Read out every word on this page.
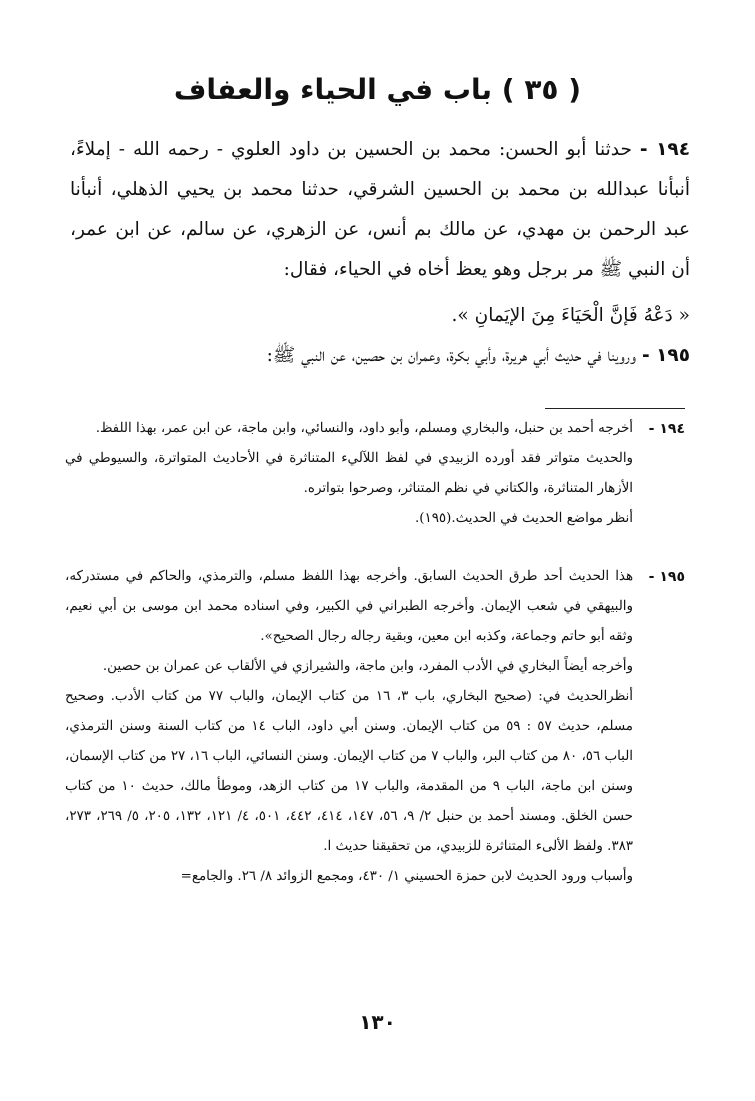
( ٣٥ ) باب في الحياء والعفاف

١٩٤ - حدثنا أبو الحسن: محمد بن الحسين بن داود العلوي - رحمه الله - إملاءً، أنبأنا عبدالله بن محمد بن الحسين الشرقي، حدثنا محمد بن يحيي الذهلي، أنبأنا عبد الرحمن بن مهدي، عن مالك بم أنس، عن الزهري، عن سالم، عن ابن عمر، أن النبي ﷺ مر برجل وهو يعظ أخاه في الحياء، فقال:

« دَعْهُ فَإنَّ الْحَيَاءَ مِنَ الإيَمانِ ».

١٩٥ - وروينا في حديث أبي هريرة، وأبي بكرة، وعمران بن حصين، عن النبي ﷺ:

١٩٤ -

أخرجه أحمد بن حنبل، والبخاري ومسلم، وأبو داود، والنسائي، وابن ماجة، عن ابن عمر، بهذا اللفظ.

والحديث متواتر فقد أورده الزبيدي في لفظ اللآليء المتناثرة في الأحاديث المتواترة، والسيوطي في الأزهار المتناثرة، والكتاني في نظم المتناثر، وصرحوا بتواتره.

أنظر مواضع الحديث في الحديث.(١٩٥).

١٩٥ -

هذا الحديث أحد طرق الحديث السابق. وأخرجه بهذا اللفظ مسلم، والترمذي، والحاكم في مستدركه، والبيهقي في شعب الإيمان. وأخرجه الطبراني في الكبير، وفي اسناده محمد ابن موسى بن أبي نعيم، وثقه أبو حاتم وجماعة، وكذبه ابن معين، وبقية رجاله رجال الصحيح».

وأخرجه أيضاً البخاري في الأدب المفرد، وابن ماجة، والشيرازي في الألقاب عن عمران بن حصين.

أنظرالحديث في: (صحيح البخاري، باب ٣، ١٦ من كتاب الإيمان، والباب ٧٧ من كتاب الأدب. وصحيح مسلم، حديث ٥٧ : ٥٩ من كتاب الإيمان. وسنن أبي داود، الباب ١٤ من كتاب السنة وسنن الترمذي، الباب ٥٦، ٨٠ من كتاب البر، والباب ٧ من كتاب الإيمان. وسنن النسائي، الباب ١٦، ٢٧ من كتاب الإسمان، وسنن ابن ماجة، الباب ٩ من المقدمة، والباب ١٧ من كتاب الزهد، وموطأ مالك، حديث ١٠ من كتاب حسن الخلق. ومسند أحمد بن حنبل ٢/ ٩، ٥٦، ١٤٧، ٤١٤، ٤٤٢، ٥٠١، ٤/ ١٢١، ١٣٢، ٢٠٥، ٥/ ٢٦٩، ٢٧٣، ٣٨٣. ولفظ الألىء المتناثرة للزبيدي، من تحقيقنا حديث ا.

وأسباب ورود الحديث لابن حمزة الحسيني ١/ ٤٣٠، ومجمع الزوائد ٨/ ٢٦. والجامع=

١٣٠
